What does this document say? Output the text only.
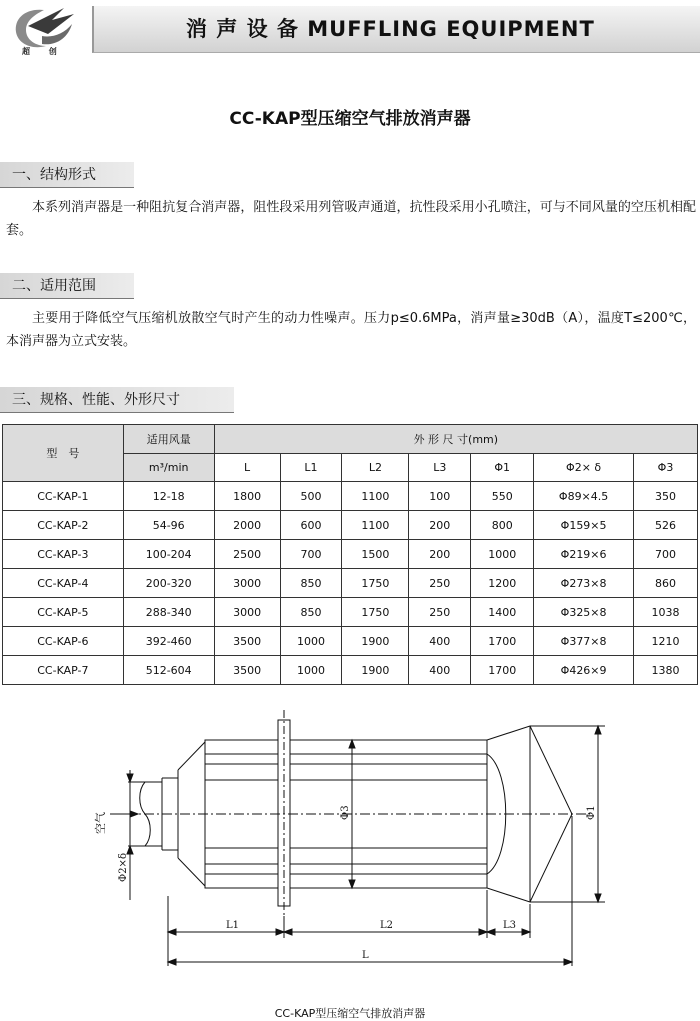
超 创
消 声 设 备 MUFFLING EQUIPMENT
CC-KAP型压缩空气排放消声器
一、结构形式
本系列消声器是一种阻抗复合消声器，阻性段采用列管吸声通道，抗性段采用小孔喷注，可与不同风量的空压机相配套。
二、适用范围
主要用于降低空气压缩机放散空气时产生的动力性噪声。压力p≤0.6MPa，消声量≥30dB（A），温度T≤200℃，本消声器为立式安装。
三、规格、性能、外形尺寸
型　号	适用风量	外 形 尺 寸(mm)						
	m³/min	L	L1	L2	L3	Φ1	Φ2× δ	Φ3
CC-KAP-1	12-18	1800	500	1100	100	550	Φ89×4.5	350
CC-KAP-2	54-96	2000	600	1100	200	800	Φ159×5	526
CC-KAP-3	100-204	2500	700	1500	200	1000	Φ219×6	700
CC-KAP-4	200-320	3000	850	1750	250	1200	Φ273×8	860
CC-KAP-5	288-340	3000	850	1750	250	1400	Φ325×8	1038
CC-KAP-6	392-460	3500	1000	1900	400	1700	Φ377×8	1210
CC-KAP-7	512-604	3500	1000	1900	400	1700	Φ426×9	1380
L1	L2	L3
L
Φ3	Φ1
Φ2×δ
空气
CC-KAP型压缩空气排放消声器
